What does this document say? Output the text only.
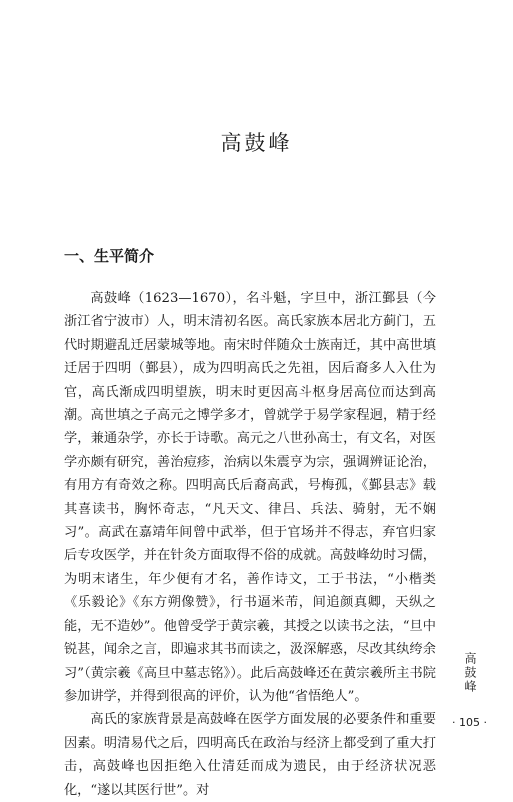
高鼓峰
一、生平简介

高鼓峰（1623—1670），名斗魁，字旦中，浙江鄞县（今浙江省宁波市）人，明末清初名医。高氏家族本居北方蓟门，五代时期避乱迁居蒙城等地。南宋时伴随众士族南迁，其中高世填迁居于四明（鄞县），成为四明高氏之先祖，因后裔多人入仕为官，高氏渐成四明望族，明末时更因高斗枢身居高位而达到高潮。高世填之子高元之博学多才，曾就学于易学家程迥，精于经学，兼通杂学，亦长于诗歌。高元之八世孙高士，有文名，对医学亦颇有研究，善治痘疹，治病以朱震亨为宗，强调辨证论治，有用方有奇效之称。四明高氏后裔高武，号梅孤，《鄞县志》载其喜读书，胸怀奇志，“凡天文、律吕、兵法、骑射，无不娴习”。高武在嘉靖年间曾中武举，但于官场并不得志，弃官归家后专攻医学，并在针灸方面取得不俗的成就。高鼓峰幼时习儒，为明末诸生，年少便有才名，善作诗文，工于书法，“小楷类《乐毅论》《东方朔像赞》，行书逼米芾，间追颜真卿，天纵之能，无不造妙”。他曾受学于黄宗羲，其授之以读书之法，“旦中锐甚，闻余之言，即遍求其书而读之，汲深解惑，尽改其纨绔余习”（黄宗羲《高旦中墓志铭》）。此后高鼓峰还在黄宗羲所主书院参加讲学，并得到很高的评价，认为他“省悟绝人”。

高氏的家族背景是高鼓峰在医学方面发展的必要条件和重要因素。明清易代之后，四明高氏在政治与经济上都受到了重大打击，高鼓峰也因拒绝入仕清廷而成为遗民，由于经济状况恶化，“遂以其医行世”。对

高鼓峰
· 105 ·
